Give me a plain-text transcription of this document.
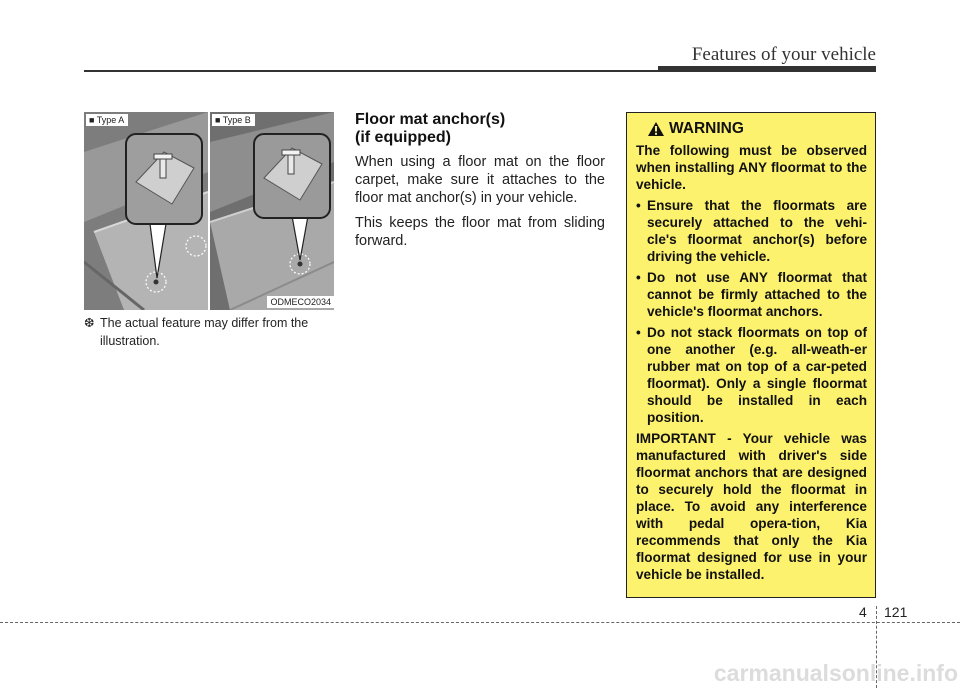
Features of your vehicle
■ Type A	■ Type B
ODMECO2034
❆ The actual feature may differ from the
illustration.
Floor mat anchor(s)
(if equipped)

When using a floor mat on the floor carpet, make sure it attaches to the floor mat anchor(s) in your vehicle.

This keeps the floor mat from sliding forward.

WARNING

The following must be observed when installing ANY floormat to the vehicle.

• Ensure that the floormats are securely attached to the vehi-cle's floormat anchor(s) before driving the vehicle.
• Do not use ANY floormat that cannot be firmly attached to the vehicle's floormat anchors.
• Do not stack floormats on top of one another (e.g. all-weath-er rubber mat on top of a car-peted floormat). Only a single floormat should be installed in each position.

IMPORTANT - Your vehicle was manufactured with driver's side floormat anchors that are designed to securely hold the floormat in place. To avoid any interference with pedal opera-tion, Kia recommends that only the Kia floormat designed for use in your vehicle be installed.

4 121
carmanualsonline.info
